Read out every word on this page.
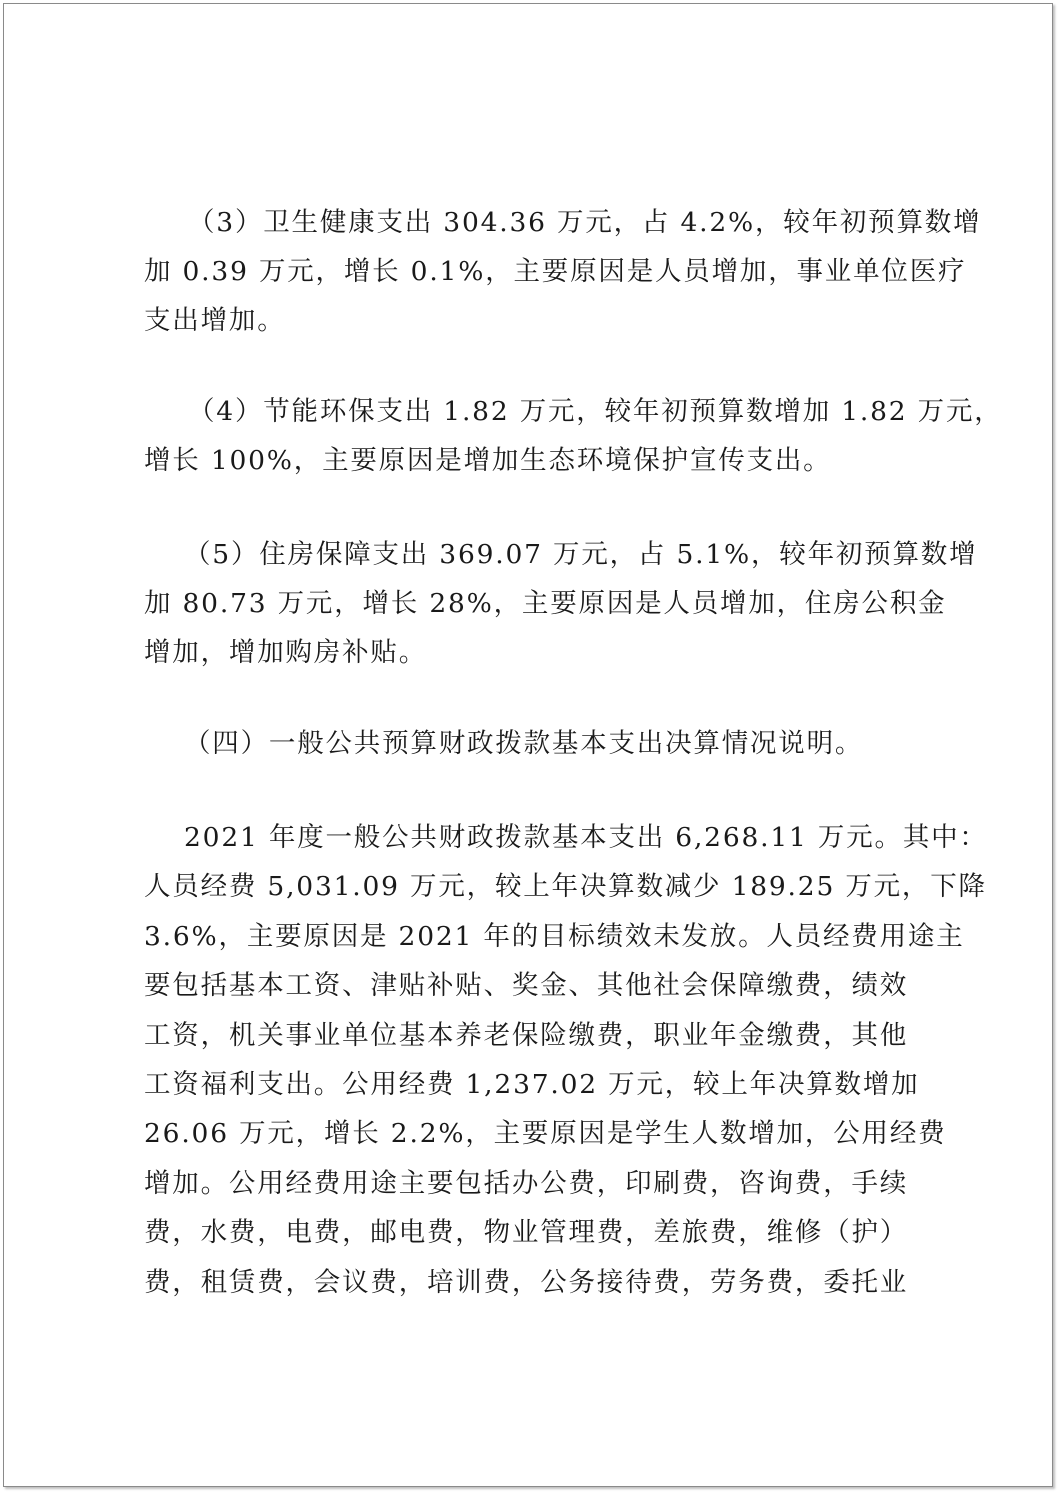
（3）卫生健康支出 304.36 万元，占 4.2%，较年初预算数增
加 0.39 万元，增长 0.1%，主要原因是人员增加，事业单位医疗
支出增加。
（4）节能环保支出 1.82 万元，较年初预算数增加 1.82 万元，
增长 100%，主要原因是增加生态环境保护宣传支出。
（5）住房保障支出 369.07 万元，占 5.1%，较年初预算数增
加 80.73 万元，增长 28%，主要原因是人员增加，住房公积金
增加，增加购房补贴。
（四）一般公共预算财政拨款基本支出决算情况说明。
2021 年度一般公共财政拨款基本支出 6,268.11 万元。其中：
人员经费 5,031.09 万元，较上年决算数减少 189.25 万元，下降
3.6%，主要原因是 2021 年的目标绩效未发放。人员经费用途主
要包括基本工资、津贴补贴、奖金、其他社会保障缴费，绩效
工资，机关事业单位基本养老保险缴费，职业年金缴费，其他
工资福利支出。公用经费 1,237.02 万元，较上年决算数增加
26.06 万元，增长 2.2%，主要原因是学生人数增加，公用经费
增加。公用经费用途主要包括办公费，印刷费，咨询费，手续
费，水费，电费，邮电费，物业管理费，差旅费，维修（护）
费，租赁费，会议费，培训费，公务接待费，劳务费，委托业
